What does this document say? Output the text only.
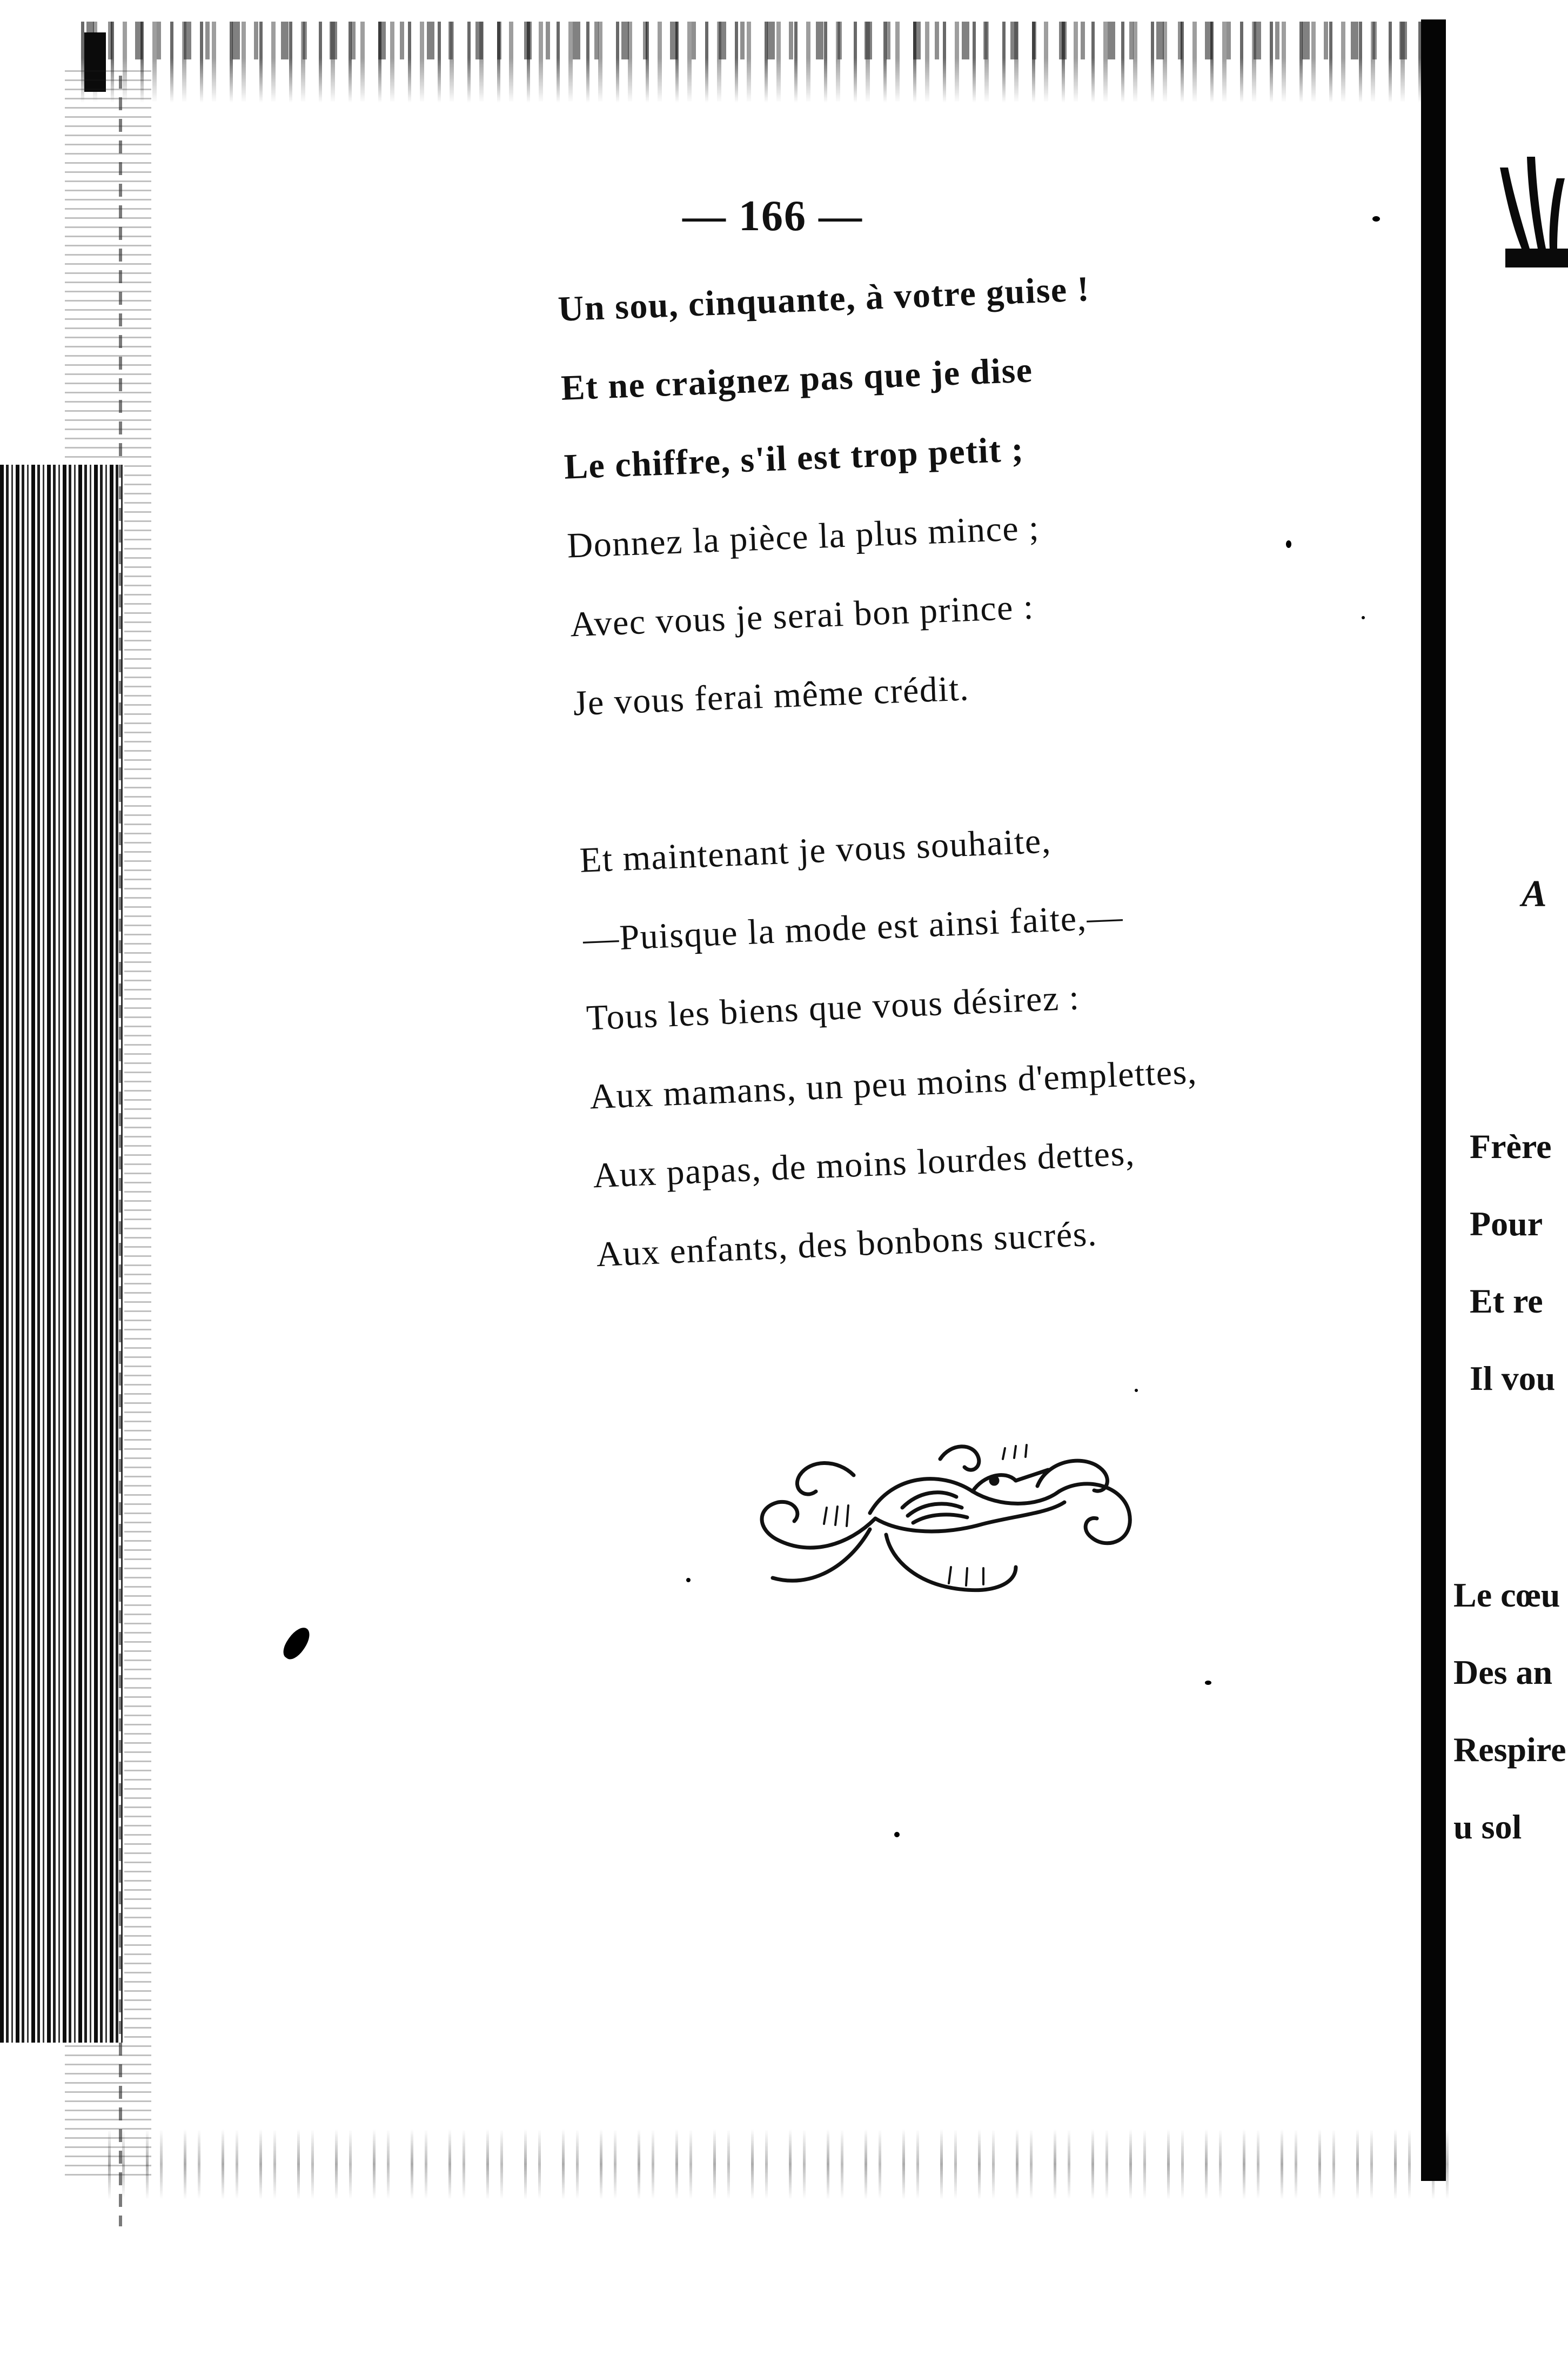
— 166 —
Un sou, cinquante, à votre guise !
Et ne craignez pas que je dise
Le chiffre, s'il est trop petit ;
Donnez la pièce la plus mince ;
Avec vous je serai bon prince :
Je vous ferai même crédit.
Et maintenant je vous souhaite,
—Puisque la mode est ainsi faite,—
Tous les biens que vous désirez :
Aux mamans, un peu moins d'emplettes,
Aux papas, de moins lourdes dettes,
Aux enfants, des bonbons sucrés.
A
Frère
Pour
Et re
Il vou
Le cœu
Des an
Respire
u sol
